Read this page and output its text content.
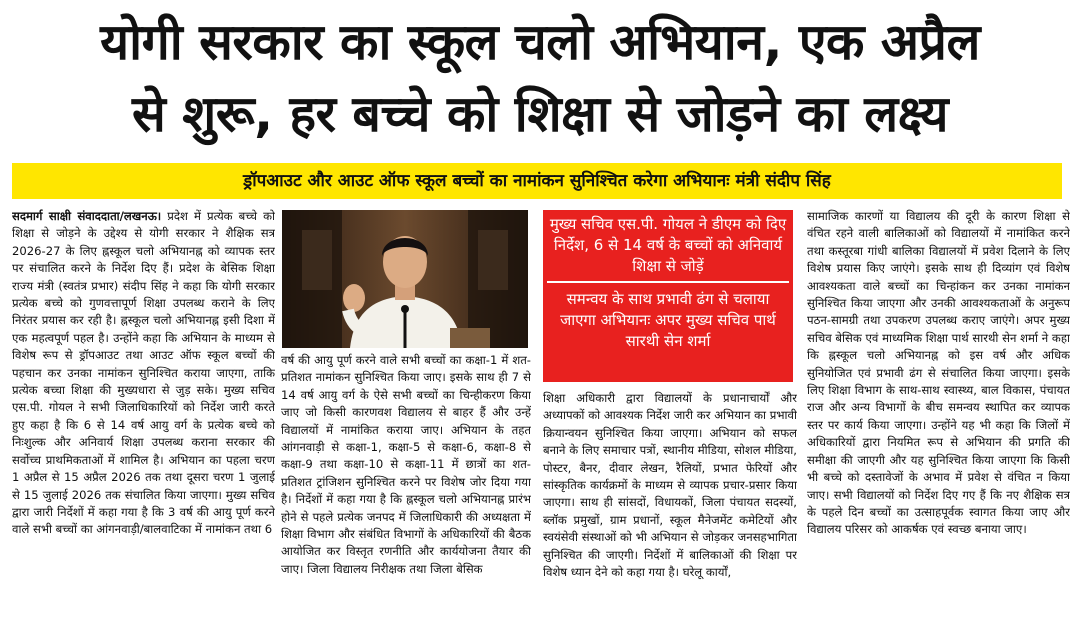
योगी सरकार का स्कूल चलो अभियान, एक अप्रैल
से शुरू, हर बच्चे को शिक्षा से जोड़ने का लक्ष्य
ड्रॉपआउट और आउट ऑफ स्कूल बच्चों का नामांकन सुनिश्चित करेगा अभियानः मंत्री संदीप सिंह

सदमार्ग साक्षी संवाददाता/लखनऊ। प्रदेश में प्रत्येक बच्चे को शिक्षा से जोड़ने के उद्देश्य से योगी सरकार ने शैक्षिक सत्र 2026-27 के लिए ह्नस्कूल चलो अभियानह्न को व्यापक स्तर पर संचालित करने के निर्देश दिए हैं। प्रदेश के बेसिक शिक्षा राज्य मंत्री (स्वतंत्र प्रभार) संदीप सिंह ने कहा कि योगी सरकार प्रत्येक बच्चे को गुणवत्तापूर्ण शिक्षा उपलब्ध कराने के लिए निरंतर प्रयास कर रही है। ह्नस्कूल चलो अभियानह्न इसी दिशा में एक महत्वपूर्ण पहल है। उन्होंने कहा कि अभियान के माध्यम से विशेष रूप से ड्रॉपआउट तथा आउट ऑफ स्कूल बच्चों की पहचान कर उनका नामांकन सुनिश्चित कराया जाएगा, ताकि प्रत्येक बच्चा शिक्षा की मुख्यधारा से जुड़ सके। मुख्य सचिव एस.पी. गोयल ने सभी जिलाधिकारियों को निर्देश जारी करते हुए कहा है कि 6 से 14 वर्ष आयु वर्ग के प्रत्येक बच्चे को निःशुल्क और अनिवार्य शिक्षा उपलब्ध कराना सरकार की सर्वोच्च प्राथमिकताओं में शामिल है। अभियान का पहला चरण 1 अप्रैल से 15 अप्रैल 2026 तक तथा दूसरा चरण 1 जुलाई से 15 जुलाई 2026 तक संचालित किया जाएगा। मुख्य सचिव द्वारा जारी निर्देशों में कहा गया है कि 3 वर्ष की आयु पूर्ण करने वाले सभी बच्चों का आंगनवाड़ी/बालवाटिका में नामांकन तथा 6

वर्ष की आयु पूर्ण करने वाले सभी बच्चों का कक्षा-1 में शत-प्रतिशत नामांकन सुनिश्चित किया जाए। इसके साथ ही 7 से 14 वर्ष आयु वर्ग के ऐसे सभी बच्चों का चिन्हीकरण किया जाए जो किसी कारणवश विद्यालय से बाहर हैं और उन्हें विद्यालयों में नामांकित कराया जाए। अभियान के तहत आंगनवाड़ी से कक्षा-1, कक्षा-5 से कक्षा-6, कक्षा-8 से कक्षा-9 तथा कक्षा-10 से कक्षा-11 में छात्रों का शत-प्रतिशत ट्रांजिशन सुनिश्चित करने पर विशेष जोर दिया गया है। निर्देशों में कहा गया है कि ह्नस्कूल चलो अभियानह्न प्रारंभ होने से पहले प्रत्येक जनपद में जिलाधिकारी की अध्यक्षता में शिक्षा विभाग और संबंधित विभागों के अधिकारियों की बैठक आयोजित कर विस्तृत रणनीति और कार्ययोजना तैयार की जाए। जिला विद्यालय निरीक्षक तथा जिला बेसिक

मुख्य सचिव एस.पी. गोयल ने डीएम को दिए निर्देश, 6 से 14 वर्ष के बच्चों को अनिवार्य शिक्षा से जोड़ें
समन्वय के साथ प्रभावी ढंग से चलाया जाएगा अभियानः अपर मुख्य सचिव पार्थ सारथी सेन शर्मा

शिक्षा अधिकारी द्वारा विद्यालयों के प्रधानाचार्यों और अध्यापकों को आवश्यक निर्देश जारी कर अभियान का प्रभावी क्रियान्वयन सुनिश्चित किया जाएगा। अभियान को सफल बनाने के लिए समाचार पत्रों, स्थानीय मीडिया, सोशल मीडिया, पोस्टर, बैनर, दीवार लेखन, रैलियों, प्रभात फेरियों और सांस्कृतिक कार्यक्रमों के माध्यम से व्यापक प्रचार-प्रसार किया जाएगा। साथ ही सांसदों, विधायकों, जिला पंचायत सदस्यों, ब्लॉक प्रमुखों, ग्राम प्रधानों, स्कूल मैनेजमेंट कमेटियों और स्वयंसेवी संस्थाओं को भी अभियान से जोड़कर जनसहभागिता सुनिश्चित की जाएगी। निर्देशों में बालिकाओं की शिक्षा पर विशेष ध्यान देने को कहा गया है। घरेलू कार्यों,

सामाजिक कारणों या विद्यालय की दूरी के कारण शिक्षा से वंचित रहने वाली बालिकाओं को विद्यालयों में नामांकित करने तथा कस्तूरबा गांधी बालिका विद्यालयों में प्रवेश दिलाने के लिए विशेष प्रयास किए जाएंगे। इसके साथ ही दिव्यांग एवं विशेष आवश्यकता वाले बच्चों का चिन्हांकन कर उनका नामांकन सुनिश्चित किया जाएगा और उनकी आवश्यकताओं के अनुरूप पठन-सामग्री तथा उपकरण उपलब्ध कराए जाएंगे। अपर मुख्य सचिव बेसिक एवं माध्यमिक शिक्षा पार्थ सारथी सेन शर्मा ने कहा कि ह्नस्कूल चलो अभियानह्न को इस वर्ष और अधिक सुनियोजित एवं प्रभावी ढंग से संचालित किया जाएगा। इसके लिए शिक्षा विभाग के साथ-साथ स्वास्थ्य, बाल विकास, पंचायत राज और अन्य विभागों के बीच समन्वय स्थापित कर व्यापक स्तर पर कार्य किया जाएगा। उन्होंने यह भी कहा कि जिलों में अधिकारियों द्वारा नियमित रूप से अभियान की प्रगति की समीक्षा की जाएगी और यह सुनिश्चित किया जाएगा कि किसी भी बच्चे को दस्तावेजों के अभाव में प्रवेश से वंचित न किया जाए। सभी विद्यालयों को निर्देश दिए गए हैं कि नए शैक्षिक सत्र के पहले दिन बच्चों का उत्साहपूर्वक स्वागत किया जाए और विद्यालय परिसर को आकर्षक एवं स्वच्छ बनाया जाए।
